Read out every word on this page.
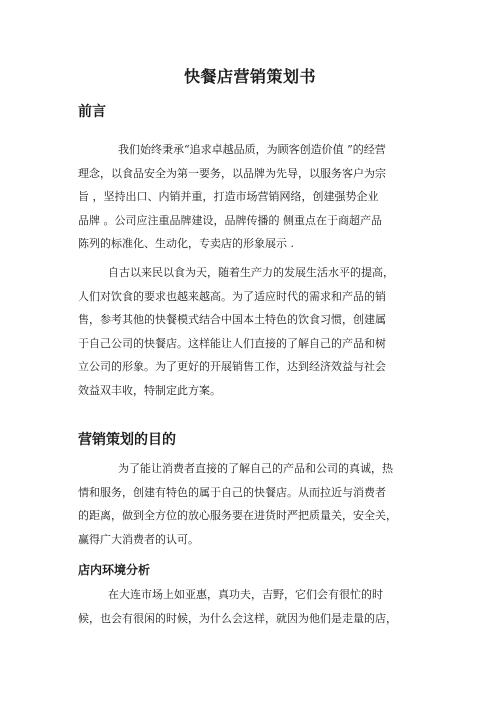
快餐店营销策划书
前言
我们始终秉承“追求卓越品质，为顾客创造价值 ”的经营
理念，以食品安全为第一要务，以品牌为先导，以服务客户为宗
旨 ，坚持出口、内销并重，打造市场营销网络，创建强势企业
品牌 。公司应注重品牌建设，品牌传播的 侧重点在于商超产品
陈列的标准化、生动化，专卖店的形象展示 .
自古以来民以食为天，随着生产力的发展生活水平的提高，
人们对饮食的要求也越来越高。为了适应时代的需求和产品的销
售，参考其他的快餐模式结合中国本土特色的饮食习惯，创建属
于自己公司的快餐店。这样能让人们直接的了解自己的产品和树
立公司的形象。为了更好的开展销售工作，达到经济效益与社会
效益双丰收，特制定此方案。
营销策划的目的
为了能让消费者直接的了解自己的产品和公司的真诚，热
情和服务，创建有特色的属于自己的快餐店。从而拉近与消费者
的距离，做到全方位的放心服务要在进货时严把质量关，安全关，
赢得广大消费者的认可。
店内环境分析
在大连市场上如亚惠，真功夫，吉野，它们会有很忙的时
候，也会有很闲的时候，为什么会这样，就因为他们是走量的店，
